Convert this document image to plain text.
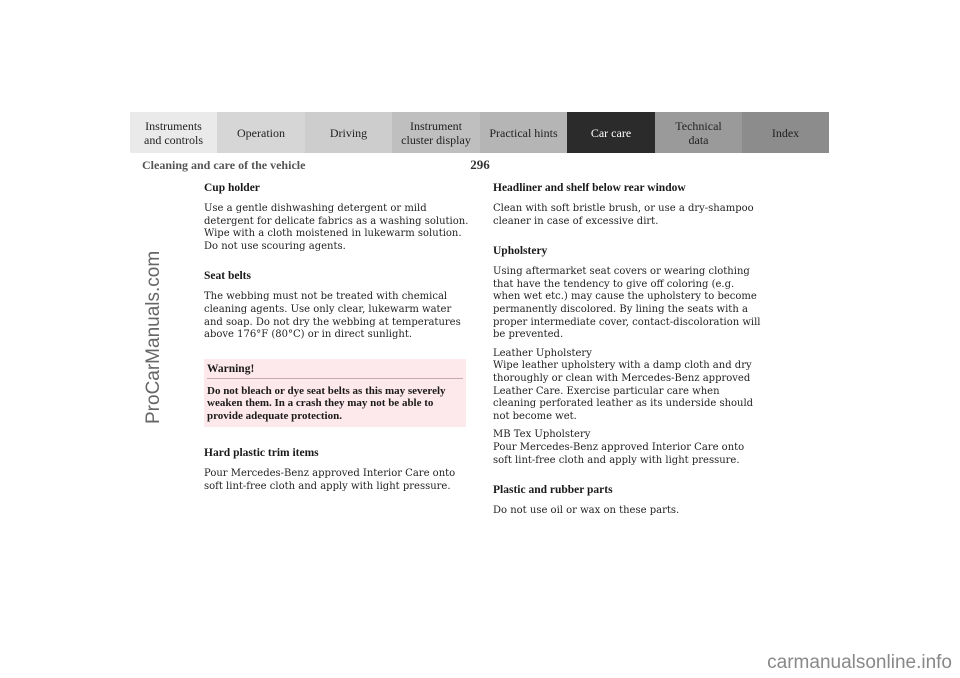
Instruments
and controls	Operation	Driving	Instrument
cluster display Practical hints	Car care	Technical
data	Index
296
Cleaning and care of the vehicle
ProCarManuals.com
carmanualsonline.info
Cup holder

Use a gentle dishwashing detergent or mild detergent for delicate fabrics as a washing solution. Wipe with a cloth moistened in lukewarm solution. Do not use scouring agents.

Seat belts

The webbing must not be treated with chemical cleaning agents. Use only clear, lukewarm water and soap. Do not dry the webbing at temperatures above 176°F (80°C) or in direct sunlight.

Warning!

Do not bleach or dye seat belts as this may severely weaken them. In a crash they may not be able to provide adequate protection.

Hard plastic trim items

Pour Mercedes-Benz approved Interior Care onto soft lint-free cloth and apply with light pressure.

Headliner and shelf below rear window

Clean with soft bristle brush, or use a dry-shampoo cleaner in case of excessive dirt.

Upholstery

Using aftermarket seat covers or wearing clothing that have the tendency to give off coloring (e.g. when wet etc.) may cause the upholstery to become permanently discolored. By lining the seats with a proper intermediate cover, contact-discoloration will be prevented.

Leather Upholstery

Wipe leather upholstery with a damp cloth and dry thoroughly or clean with Mercedes-Benz approved Leather Care. Exercise particular care when cleaning perforated leather as its underside should not become wet.

MB Tex Upholstery

Pour Mercedes-Benz approved Interior Care onto soft lint-free cloth and apply with light pressure.

Plastic and rubber parts

Do not use oil or wax on these parts.
